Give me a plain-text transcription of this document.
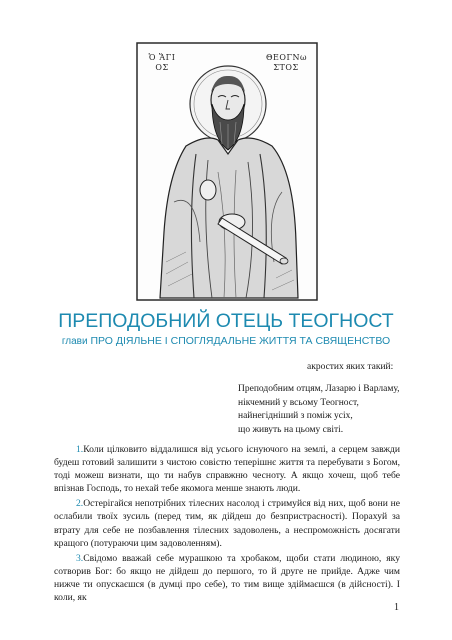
Ὁ ἍΓΙ
ΟΣ
ΘΕΟΓΝω
ΣΤΟΣ
ПРЕПОДОБНИЙ ОТЕЦЬ ТЕОГНОСТ
глави ПРО ДІЯЛЬНЕ І СПОГЛЯДАЛЬНЕ ЖИТТЯ ТА СВЯЩЕНСТВО
акростих яких такий:
Преподобним отцям, Лазарю і Варламу,
нікчемний у всьому Теогност,
найнегідніший з поміж усіх,
що живуть на цьому світі.

1.Коли цілковито віддалишся від усього існуючого на землі, а серцем завжди будеш готовий залишити з чистою совістю теперішнє життя та перебувати з Богом, тоді можеш визнати, що ти набув справжню чесноту. А якщо хочеш, щоб тебе впізнав Господь, то нехай тебе якомога менше знають люди.

2.Остерігайся непотрібних тілесних насолод і стримуйся від них, щоб вони не ослабили твоїх зусиль (перед тим, як дійдеш до безпристрасності). Порахуй за втрату для себе не позбавлення тілесних задоволень, а неспроможність досягати кращого (потураючи цим задоволенням).

3.Свідомо вважай себе мурашкою та хробаком, щоби стати людиною, яку сотворив Бог: бо якщо не дійдеш до першого, то й друге не прийде. Адже чим нижче ти опускаєшся (в думці про себе), то тим вище здіймаєшся (в дійсності). І коли, як

1
